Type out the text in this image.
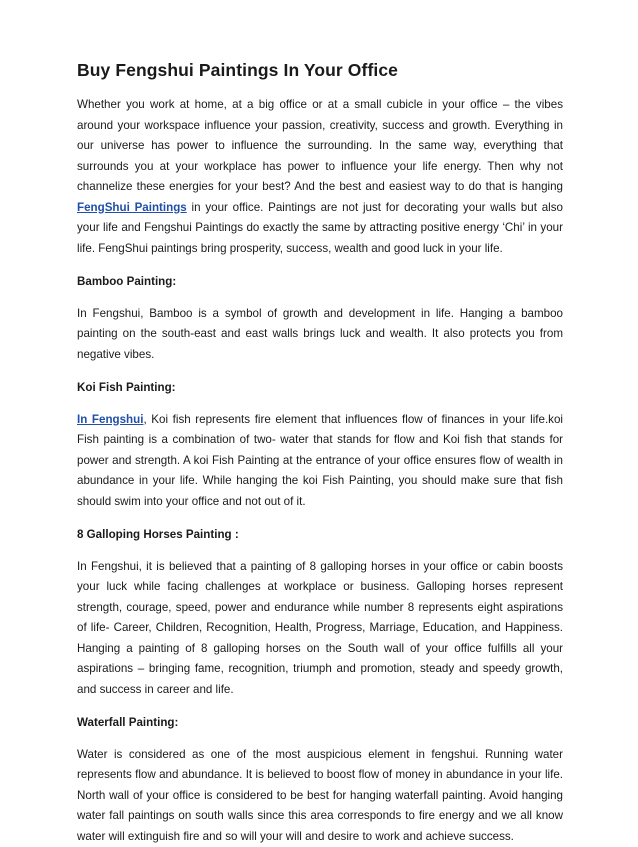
Buy Fengshui Paintings In Your Office

Whether you work at home, at a big office or at a small cubicle in your office – the vibes around your workspace influence your passion, creativity, success and growth. Everything in our universe has power to influence the surrounding. In the same way, everything that surrounds you at your workplace has power to influence your life energy. Then why not channelize these energies for your best? And the best and easiest way to do that is hanging FengShui Paintings in your office. Paintings are not just for decorating your walls but also your life and Fengshui Paintings do exactly the same by attracting positive energy ‘Chi’ in your life. FengShui paintings bring prosperity, success, wealth and good luck in your life.

Bamboo Painting:

In Fengshui, Bamboo is a symbol of growth and development in life. Hanging a bamboo painting on the south-east and east walls brings luck and wealth. It also protects you from negative vibes.

Koi Fish Painting:

In Fengshui, Koi fish represents fire element that influences flow of finances in your life.koi Fish painting is a combination of two- water that stands for flow and Koi fish that stands for power and strength. A koi Fish Painting at the entrance of your office ensures flow of wealth in abundance in your life. While hanging the koi Fish Painting, you should make sure that fish should swim into your office and not out of it.

8 Galloping Horses Painting :

In Fengshui, it is believed that a painting of 8 galloping horses in your office or cabin boosts your luck while facing challenges at workplace or business. Galloping horses represent strength, courage, speed, power and endurance while number 8 represents eight aspirations of life- Career, Children, Recognition, Health, Progress, Marriage, Education, and Happiness. Hanging a painting of 8 galloping horses on the South wall of your office fulfills all your aspirations – bringing fame, recognition, triumph and promotion, steady and speedy growth, and success in career and life.

Waterfall Painting:

Water is considered as one of the most auspicious element in fengshui. Running water represents flow and abundance. It is believed to boost flow of money in abundance in your life. North wall of your office is considered to be best for hanging waterfall painting. Avoid hanging water fall paintings on south walls since this area corresponds to fire energy and we all know water will extinguish fire and so will your will and desire to work and achieve success.
